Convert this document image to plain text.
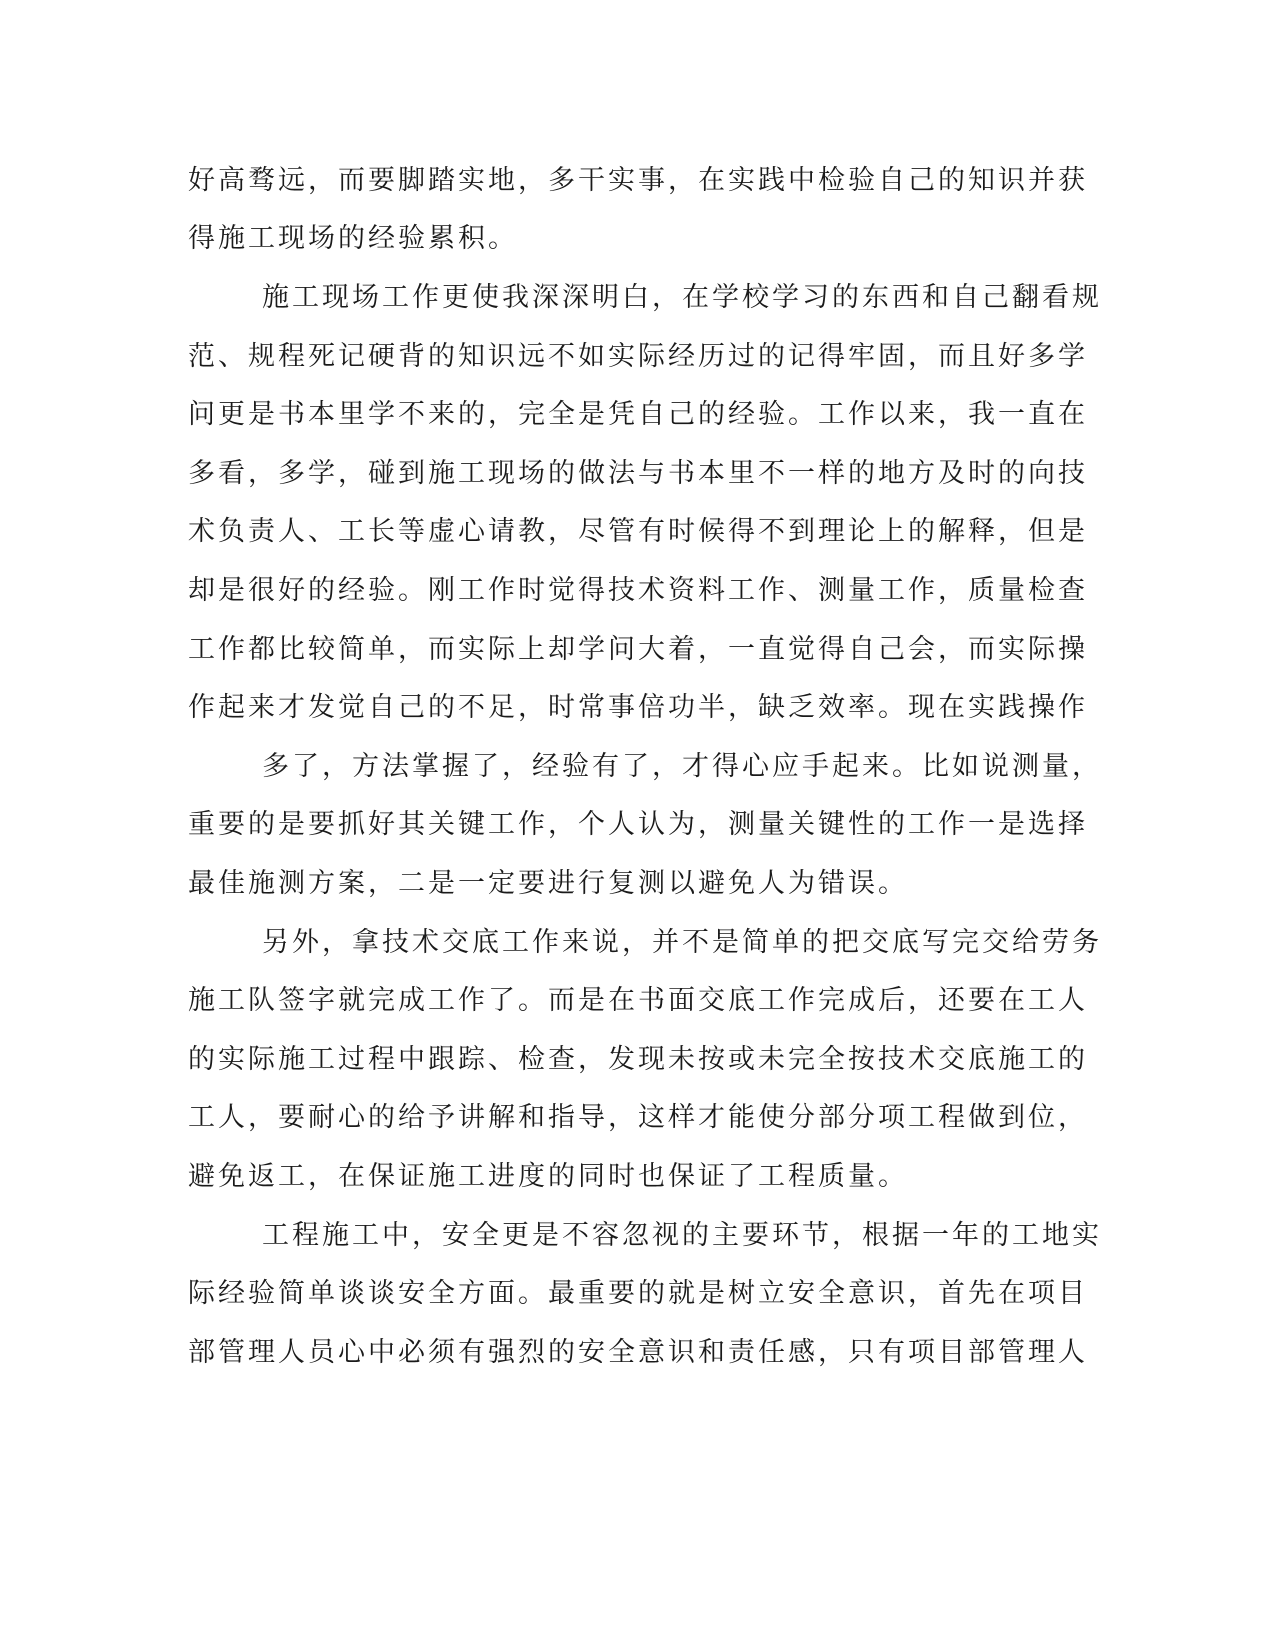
好高骛远，而要脚踏实地，多干实事，在实践中检验自己的知识并获
得施工现场的经验累积。
施工现场工作更使我深深明白，在学校学习的东西和自己翻看规
范、规程死记硬背的知识远不如实际经历过的记得牢固，而且好多学
问更是书本里学不来的，完全是凭自己的经验。工作以来，我一直在
多看，多学，碰到施工现场的做法与书本里不一样的地方及时的向技
术负责人、工长等虚心请教，尽管有时候得不到理论上的解释，但是
却是很好的经验。刚工作时觉得技术资料工作、测量工作，质量检查
工作都比较简单，而实际上却学问大着，一直觉得自己会，而实际操
作起来才发觉自己的不足，时常事倍功半，缺乏效率。现在实践操作
多了，方法掌握了，经验有了，才得心应手起来。比如说测量，
重要的是要抓好其关键工作，个人认为，测量关键性的工作一是选择
最佳施测方案，二是一定要进行复测以避免人为错误。
另外，拿技术交底工作来说，并不是简单的把交底写完交给劳务
施工队签字就完成工作了。而是在书面交底工作完成后，还要在工人
的实际施工过程中跟踪、检查，发现未按或未完全按技术交底施工的
工人，要耐心的给予讲解和指导，这样才能使分部分项工程做到位，
避免返工，在保证施工进度的同时也保证了工程质量。
工程施工中，安全更是不容忽视的主要环节，根据一年的工地实
际经验简单谈谈安全方面。最重要的就是树立安全意识，首先在项目
部管理人员心中必须有强烈的安全意识和责任感，只有项目部管理人
